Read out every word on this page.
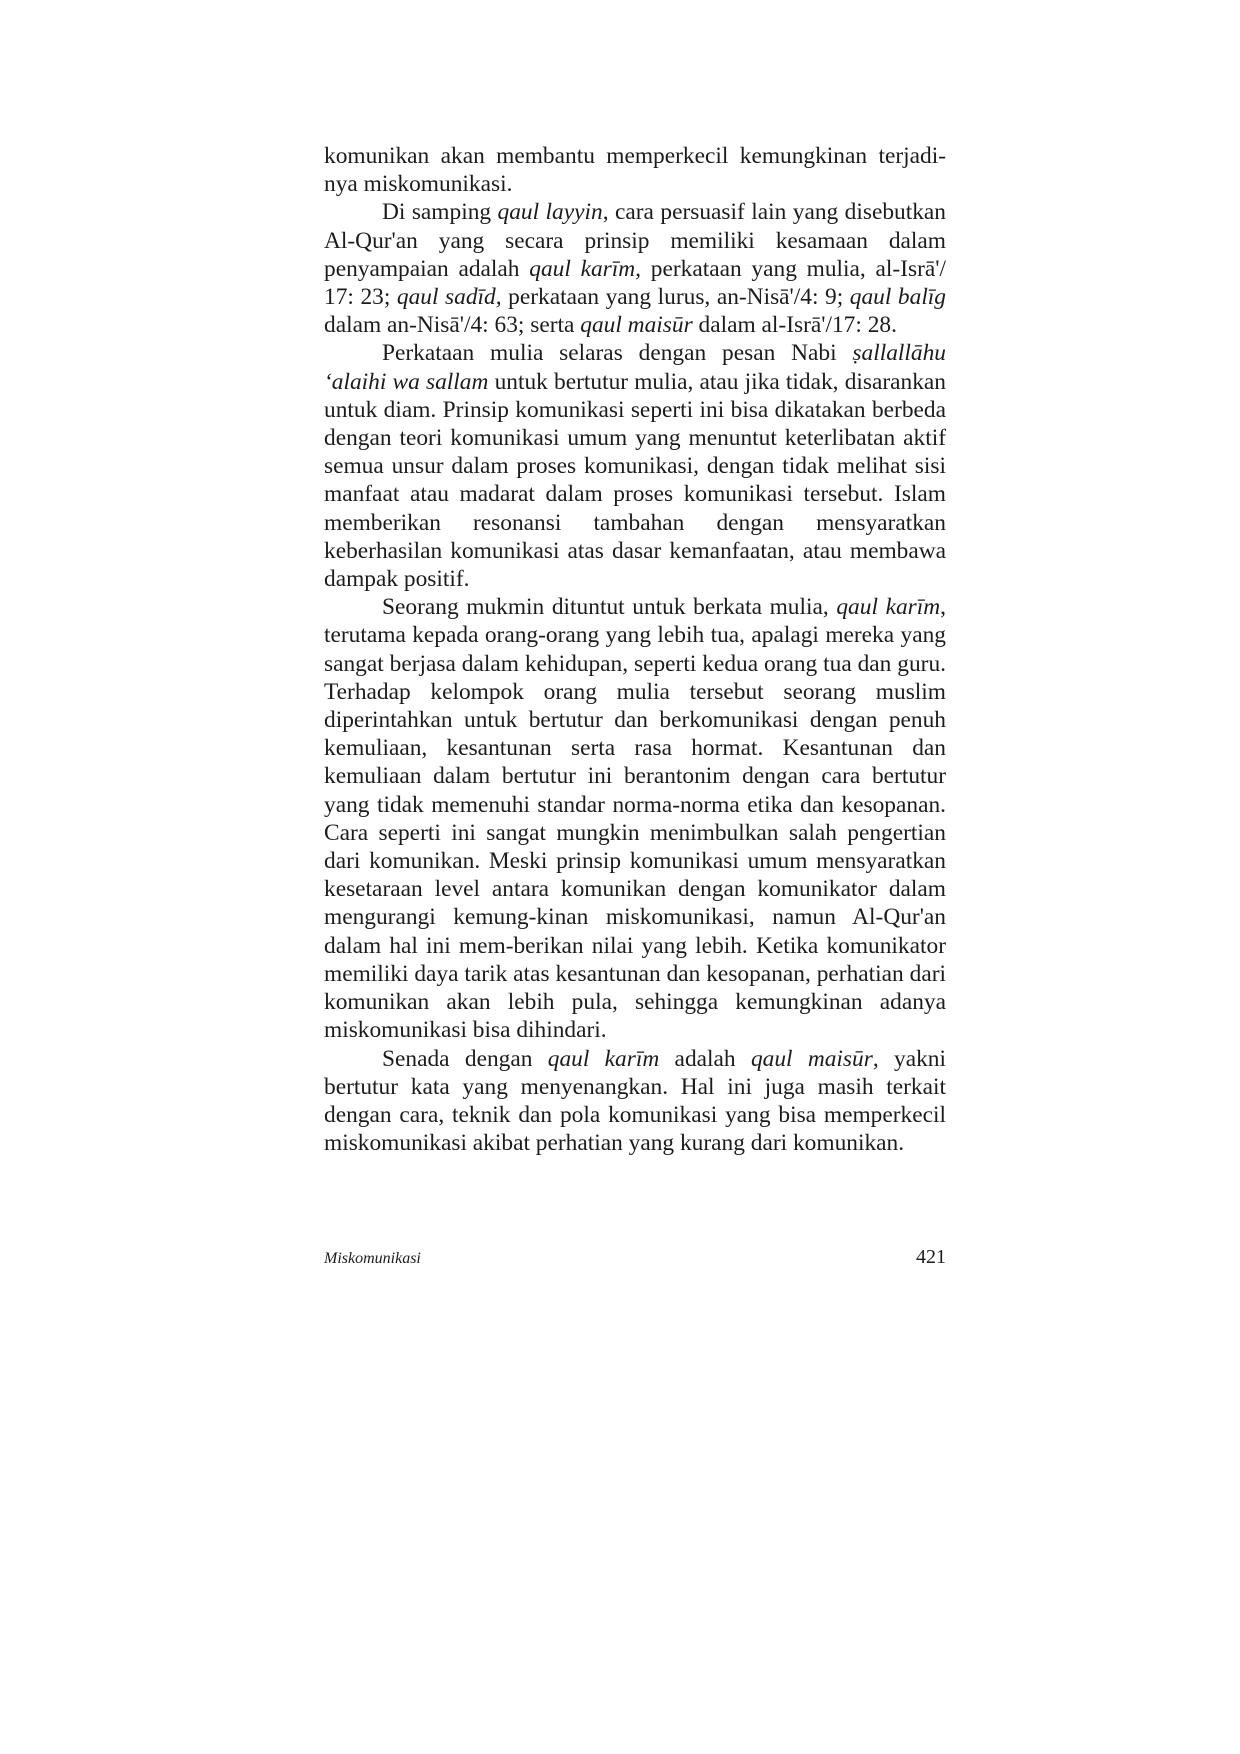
komunikan akan membantu memperkecil kemungkinan terjadi-nya miskomunikasi.

Di samping qaul layyin, cara persuasif lain yang disebutkan Al-Qur'an yang secara prinsip memiliki kesamaan dalam penyampaian adalah qaul karīm, perkataan yang mulia, al-Isrā'/ 17: 23; qaul sadīd, perkataan yang lurus, an-Nisā'/4: 9; qaul balīg dalam an-Nisā'/4: 63; serta qaul maisūr dalam al-Isrā'/17: 28.

Perkataan mulia selaras dengan pesan Nabi ṣallallāhu ‘alaihi wa sallam untuk bertutur mulia, atau jika tidak, disarankan untuk diam. Prinsip komunikasi seperti ini bisa dikatakan berbeda dengan teori komunikasi umum yang menuntut keterlibatan aktif semua unsur dalam proses komunikasi, dengan tidak melihat sisi manfaat atau madarat dalam proses komunikasi tersebut. Islam memberikan resonansi tambahan dengan mensyaratkan keberhasilan komunikasi atas dasar kemanfaatan, atau membawa dampak positif.

Seorang mukmin dituntut untuk berkata mulia, qaul karīm, terutama kepada orang-orang yang lebih tua, apalagi mereka yang sangat berjasa dalam kehidupan, seperti kedua orang tua dan guru. Terhadap kelompok orang mulia tersebut seorang muslim diperintahkan untuk bertutur dan berkomunikasi dengan penuh kemuliaan, kesantunan serta rasa hormat. Kesantunan dan kemuliaan dalam bertutur ini berantonim dengan cara bertutur yang tidak memenuhi standar norma-norma etika dan kesopanan. Cara seperti ini sangat mungkin menimbulkan salah pengertian dari komunikan. Meski prinsip komunikasi umum mensyaratkan kesetaraan level antara komunikan dengan komunikator dalam mengurangi kemung-kinan miskomunikasi, namun Al-Qur'an dalam hal ini mem-berikan nilai yang lebih. Ketika komunikator memiliki daya tarik atas kesantunan dan kesopanan, perhatian dari komunikan akan lebih pula, sehingga kemungkinan adanya miskomunikasi bisa dihindari.

Senada dengan qaul karīm adalah qaul maisūr, yakni bertutur kata yang menyenangkan. Hal ini juga masih terkait dengan cara, teknik dan pola komunikasi yang bisa memperkecil miskomunikasi akibat perhatian yang kurang dari komunikan.

Miskomunikasi	421
